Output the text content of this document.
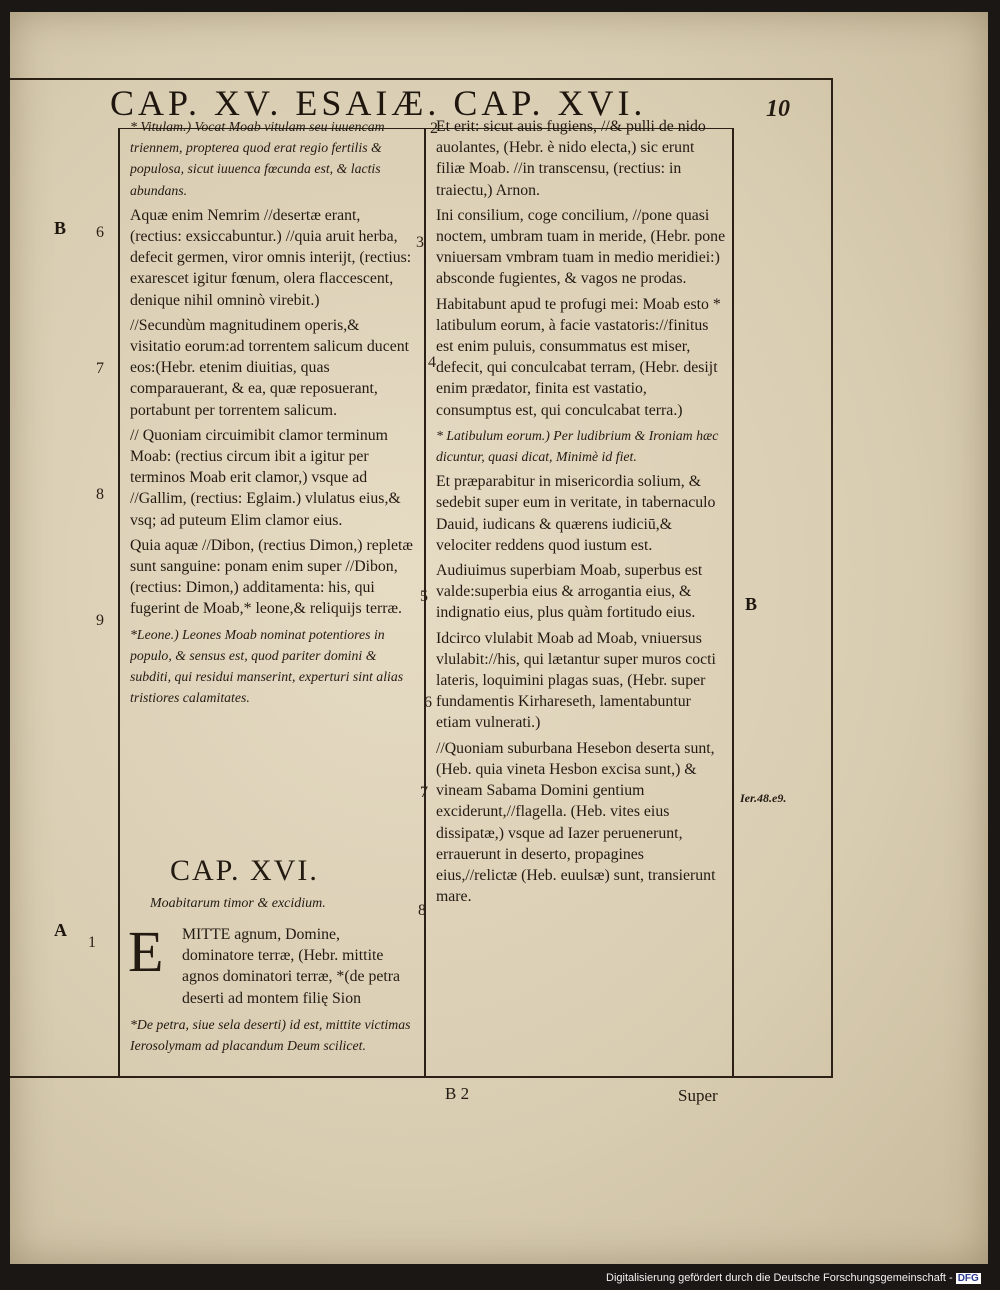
CAP. XV. ESAIÆ. CAP. XVI.	10
B
A
B
Ier.48.e9.
6
7
8
9
1
2
3
4
5
6
7
8

* Vitulam.) Vocat Moab vitulam seu iuuencam triennem, propterea quod erat regio fertilis & populosa, sicut iuuenca fœcunda est, & lactis abundans.

Aquæ enim Nemrim //desertæ erant, (rectius: exsiccabuntur.) //quia aruit herba, defecit germen, viror omnis interijt, (rectius: exarescet igitur fœnum, olera flaccescent, denique nihil omninò virebit.)

//Secundùm magnitudinem operis,& visitatio eorum:ad torrentem salicum ducent eos:(Hebr. etenim diuitias, quas comparauerant, & ea, quæ reposuerant, portabunt per torrentem salicum.

// Quoniam circuimibit clamor terminum Moab: (rectius circum ibit a igitur per terminos Moab erit clamor,) vsque ad //Gallim, (rectius: Eglaim.) vlulatus eius,& vsq; ad puteum Elim clamor eius.

Quia aquæ //Dibon, (rectius Dimon,) repletæ sunt sanguine: ponam enim super //Dibon, (rectius: Dimon,) additamenta: his, qui fugerint de Moab,* leone,& reliquijs terræ.

*Leone.) Leones Moab nominat potentiores in populo, & sensus est, quod pariter domini & subditi, qui residui manserint, experturi sint alias tristiores calamitates.

CAP. XVI.
Moabitarum timor & excidium.
E MITTE agnum, Domine, dominatore terræ, (Hebr. mittite agnos dominatori terræ, *(de petra deserti ad montem filię Sion

*De petra, siue sela deserti) id est, mittite victimas Ierosolymam ad placandum Deum scilicet.

Et erit: sicut auis fugiens, //& pulli de nido auolantes, (Hebr. è nido electa,) sic erunt filiæ Moab. //in transcensu, (rectius: in traiectu,) Arnon.

Ini consilium, coge concilium, //pone quasi noctem, umbram tuam in meride, (Hebr. pone vniuersam vmbram tuam in medio meridiei:) absconde fugientes, & vagos ne prodas.

Habitabunt apud te profugi mei: Moab esto * latibulum eorum, à facie vastatoris://finitus est enim puluis, consummatus est miser, defecit, qui conculcabat terram, (Hebr. desijt enim prædator, finita est vastatio, consumptus est, qui conculcabat terra.)

* Latibulum eorum.) Per ludibrium & Ironiam hæc dicuntur, quasi dicat, Minimè id fiet.

Et præparabitur in misericordia solium, & sedebit super eum in veritate, in tabernaculo Dauid, iudicans & quærens iudiciū,& velociter reddens quod iustum est.

Audiuimus superbiam Moab, superbus est valde:superbia eius & arrogantia eius, & indignatio eius, plus quàm fortitudo eius.

Idcirco vlulabit Moab ad Moab, vniuersus vlulabit://his, qui lætantur super muros cocti lateris, loquimini plagas suas, (Hebr. super fundamentis Kirhareseth, lamentabuntur etiam vulnerati.)

//Quoniam suburbana Hesebon deserta sunt, (Heb. quia vineta Hesbon excisa sunt,) & vineam Sabama Domini gentium exciderunt,//flagella. (Heb. vites eius dissipatæ,) vsque ad Iazer peruenerunt, errauerunt in deserto, propagines eius,//relictæ (Heb. euulsæ) sunt, transierunt mare.

B 2	Super
Digitalisierung gefördert durch die Deutsche Forschungsgemeinschaft - DFG
